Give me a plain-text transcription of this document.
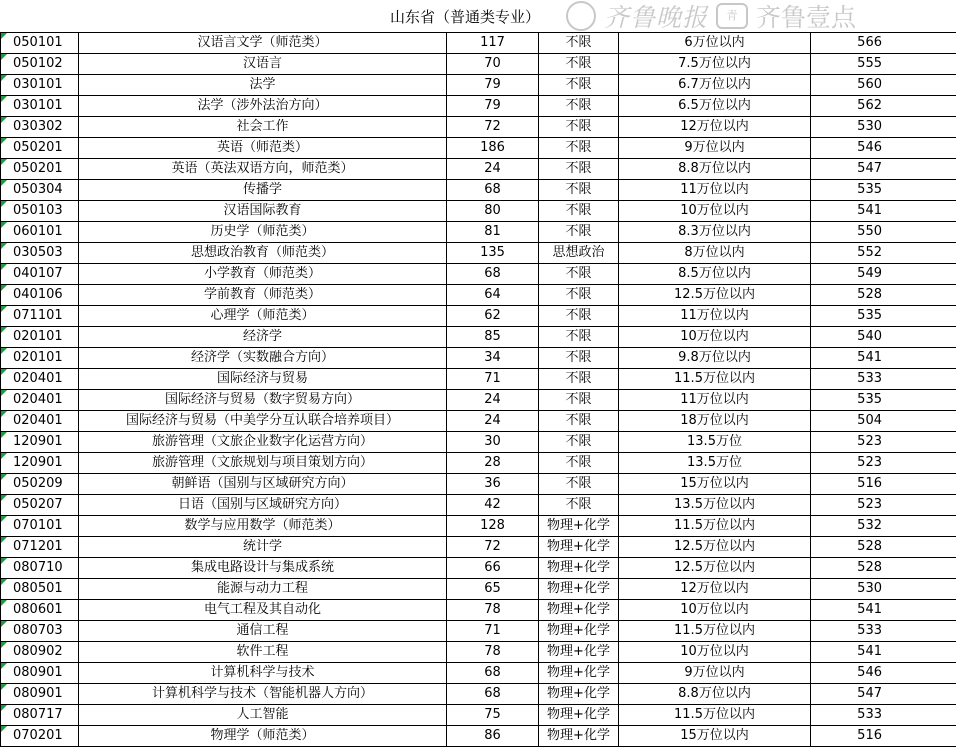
山东省（普通类专业）	齐鲁晚报	青 齐鲁壹点
050101	汉语言文学（师范类）	117	不限	6万位以内	566
050102	汉语言	70	不限	7.5万位以内	555
030101	法学	79	不限	6.7万位以内	560
030101	法学（涉外法治方向）	79	不限	6.5万位以内	562
030302	社会工作	72	不限	12万位以内	530
050201	英语（师范类）	186	不限	9万位以内	546
050201	英语（英法双语方向，师范类）	24	不限	8.8万位以内	547
050304	传播学	68	不限	11万位以内	535
050103	汉语国际教育	80	不限	10万位以内	541
060101	历史学（师范类）	81	不限	8.3万位以内	550
030503	思想政治教育（师范类）	135	思想政治	8万位以内	552
040107	小学教育（师范类）	68	不限	8.5万位以内	549
040106	学前教育（师范类）	64	不限	12.5万位以内	528
071101	心理学（师范类）	62	不限	11万位以内	535
020101	经济学	85	不限	10万位以内	540
020101	经济学（实数融合方向）	34	不限	9.8万位以内	541
020401	国际经济与贸易	71	不限	11.5万位以内	533
020401	国际经济与贸易（数字贸易方向）	24	不限	11万位以内	535
020401	国际经济与贸易（中美学分互认联合培养项目）	24	不限	18万位以内	504
120901	旅游管理（文旅企业数字化运营方向）	30	不限	13.5万位	523
120901	旅游管理（文旅规划与项目策划方向）	28	不限	13.5万位	523
050209	朝鲜语（国别与区域研究方向）	36	不限	15万位以内	516
050207	日语（国别与区域研究方向）	42	不限	13.5万位以内	523
070101	数学与应用数学（师范类）	128	物理+化学	11.5万位以内	532
071201	统计学	72	物理+化学	12.5万位以内	528
080710	集成电路设计与集成系统	66	物理+化学	12.5万位以内	528
080501	能源与动力工程	65	物理+化学	12万位以内	530
080601	电气工程及其自动化	78	物理+化学	10万位以内	541
080703	通信工程	71	物理+化学	11.5万位以内	533
080902	软件工程	78	物理+化学	10万位以内	541
080901	计算机科学与技术	68	物理+化学	9万位以内	546
080901	计算机科学与技术（智能机器人方向）	68	物理+化学	8.8万位以内	547
080717	人工智能	75	物理+化学	11.5万位以内	533
070201	物理学（师范类）	86	物理+化学	15万位以内	516
